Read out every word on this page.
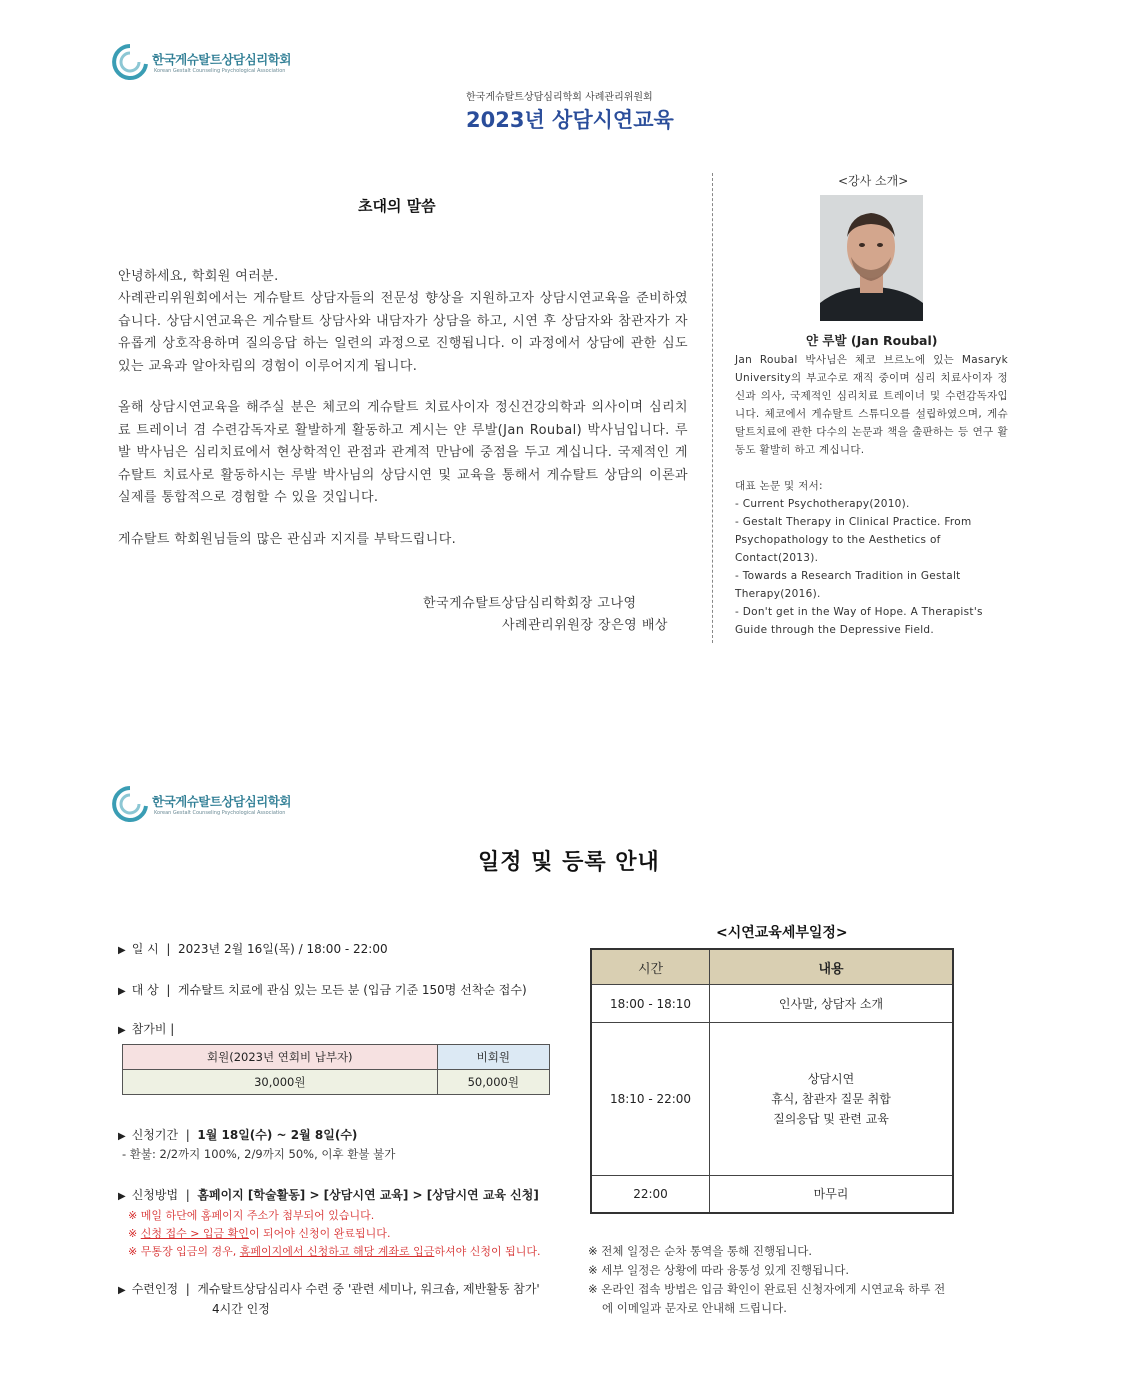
한국게슈탈트상담심리학회
Korean Gestalt Counseling Psychological Association
한국게슈탈트상담심리학회 사례관리위원회
2023년 상담시연교육
초대의 말씀
안녕하세요, 학회원 여러분.
사례관리위원회에서는 게슈탈트 상담자들의 전문성 향상을 지원하고자 상담시연교육을 준비하였습니다. 상담시연교육은 게슈탈트 상담사와 내담자가 상담을 하고, 시연 후 상담자와 참관자가 자유롭게 상호작용하며 질의응답 하는 일련의 과정으로 진행됩니다. 이 과정에서 상담에 관한 심도 있는 교육과 알아차림의 경험이 이루어지게 됩니다.
올해 상담시연교육을 해주실 분은 체코의 게슈탈트 치료사이자 정신건강의학과 의사이며 심리치료 트레이너 겸 수련감독자로 활발하게 활동하고 계시는 얀 루발(Jan Roubal) 박사님입니다. 루발 박사님은 심리치료에서 현상학적인 관점과 관계적 만남에 중점을 두고 계십니다. 국제적인 게슈탈트 치료사로 활동하시는 루발 박사님의 상담시연 및 교육을 통해서 게슈탈트 상담의 이론과 실제를 통합적으로 경험할 수 있을 것입니다.
게슈탈트 학회원님들의 많은 관심과 지지를 부탁드립니다.
한국게슈탈트상담심리학회장 고나영
사례관리위원장 장은영 배상
<강사 소개>
얀 루발 (Jan Roubal)
Jan Roubal 박사님은 체코 브르노에 있는 Masaryk University의 부교수로 재직 중이며 심리 치료사이자 정신과 의사, 국제적인 심리치료 트레이너 및 수련감독자입니다. 체코에서 게슈탈트 스튜디오를 설립하였으며, 게슈탈트치료에 관한 다수의 논문과 책을 출판하는 등 연구 활동도 활발히 하고 계십니다.
대표 논문 및 저서:
- Current Psychotherapy(2010).
- Gestalt Therapy in Clinical Practice. From Psychopathology to the Aesthetics of Contact(2013).
- Towards a Research Tradition in Gestalt Therapy(2016).
- Don't get in the Way of Hope. A Therapist's Guide through the Depressive Field.
한국게슈탈트상담심리학회
Korean Gestalt Counseling Psychological Association
일정 및 등록 안내
▶ 일 시  |  2023년 2월 16일(목) / 18:00 - 22:00
▶ 대 상  |  게슈탈트 치료에 관심 있는 모든 분 (입금 기준 150명 선착순 접수)
▶ 참가비 |
회원(2023년 연회비 납부자)	비회원
30,000원	50,000원
▶ 신청기간  |  1월 18일(수) ~ 2월 8일(수)
- 환불: 2/2까지 100%, 2/9까지 50%, 이후 환불 불가
▶ 신청방법  |  홈페이지 [학술활동] > [상담시연 교육] > [상담시연 교육 신청]
※ 메일 하단에 홈페이지 주소가 첨부되어 있습니다.
※ 신청 접수 > 입금 확인이 되어야 신청이 완료됩니다.
※ 무통장 입금의 경우, 홈페이지에서 신청하고 해당 계좌로 입금하셔야 신청이 됩니다.
▶ 수련인정  |  게슈탈트상담심리사 수련 중 '관련 세미나, 워크숍, 제반활동 참가'
4시간 인정
<시연교육세부일정>
시간	내용
18:00 - 18:10	인사말, 상담자 소개
18:10 - 22:00	상담시연
휴식, 참관자 질문 취합
질의응답 및 관련 교육

22:00	마무리
※ 전체 일정은 순차 통역을 통해 진행됩니다.
※ 세부 일정은 상황에 따라 융통성 있게 진행됩니다.
※ 온라인 접속 방법은 입금 확인이 완료된 신청자에게 시연교육 하루 전
에 이메일과 문자로 안내해 드립니다.
